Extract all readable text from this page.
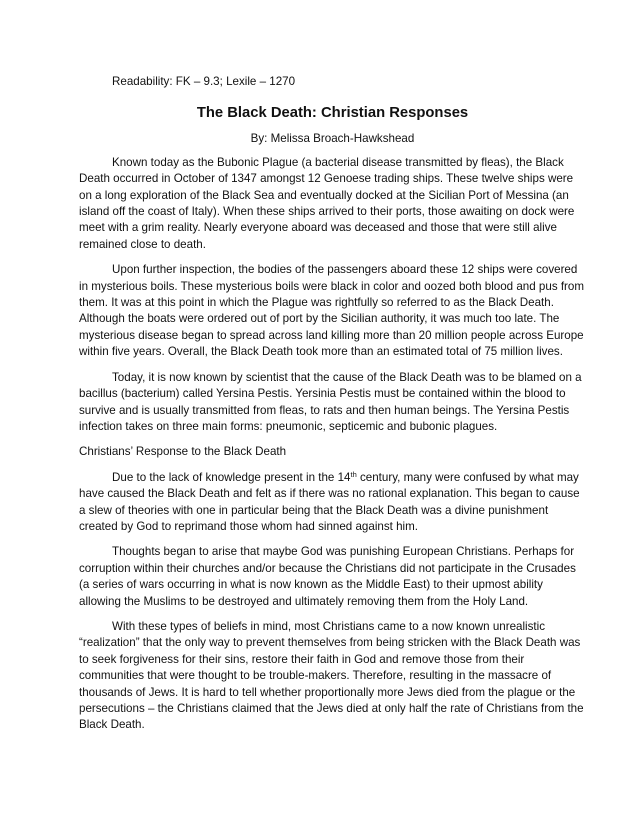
Readability: FK – 9.3; Lexile – 1270
The Black Death: Christian Responses
By: Melissa Broach-Hawkshead

Known today as the Bubonic Plague (a bacterial disease transmitted by fleas), the Black Death occurred in October of 1347 amongst 12 Genoese trading ships. These twelve ships were on a long exploration of the Black Sea and eventually docked at the Sicilian Port of Messina (an island off the coast of Italy). When these ships arrived to their ports, those awaiting on dock were meet with a grim reality. Nearly everyone aboard was deceased and those that were still alive remained close to death.

Upon further inspection, the bodies of the passengers aboard these 12 ships were covered in mysterious boils. These mysterious boils were black in color and oozed both blood and pus from them. It was at this point in which the Plague was rightfully so referred to as the Black Death. Although the boats were ordered out of port by the Sicilian authority, it was much too late. The mysterious disease began to spread across land killing more than 20 million people across Europe within five years. Overall, the Black Death took more than an estimated total of 75 million lives.

Today, it is now known by scientist that the cause of the Black Death was to be blamed on a bacillus (bacterium) called Yersina Pestis. Yersinia Pestis must be contained within the blood to survive and is usually transmitted from fleas, to rats and then human beings. The Yersina Pestis infection takes on three main forms: pneumonic, septicemic and bubonic plagues.

Christians’ Response to the Black Death

Due to the lack of knowledge present in the 14th century, many were confused by what may have caused the Black Death and felt as if there was no rational explanation. This began to cause a slew of theories with one in particular being that the Black Death was a divine punishment created by God to reprimand those whom had sinned against him.

Thoughts began to arise that maybe God was punishing European Christians. Perhaps for corruption within their churches and/or because the Christians did not participate in the Crusades (a series of wars occurring in what is now known as the Middle East) to their upmost ability allowing the Muslims to be destroyed and ultimately removing them from the Holy Land.

With these types of beliefs in mind, most Christians came to a now known unrealistic “realization” that the only way to prevent themselves from being stricken with the Black Death was to seek forgiveness for their sins, restore their faith in God and remove those from their communities that were thought to be trouble-makers. Therefore, resulting in the massacre of thousands of Jews. It is hard to tell whether proportionally more Jews died from the plague or the persecutions – the Christians claimed that the Jews died at only half the rate of Christians from the Black Death.
